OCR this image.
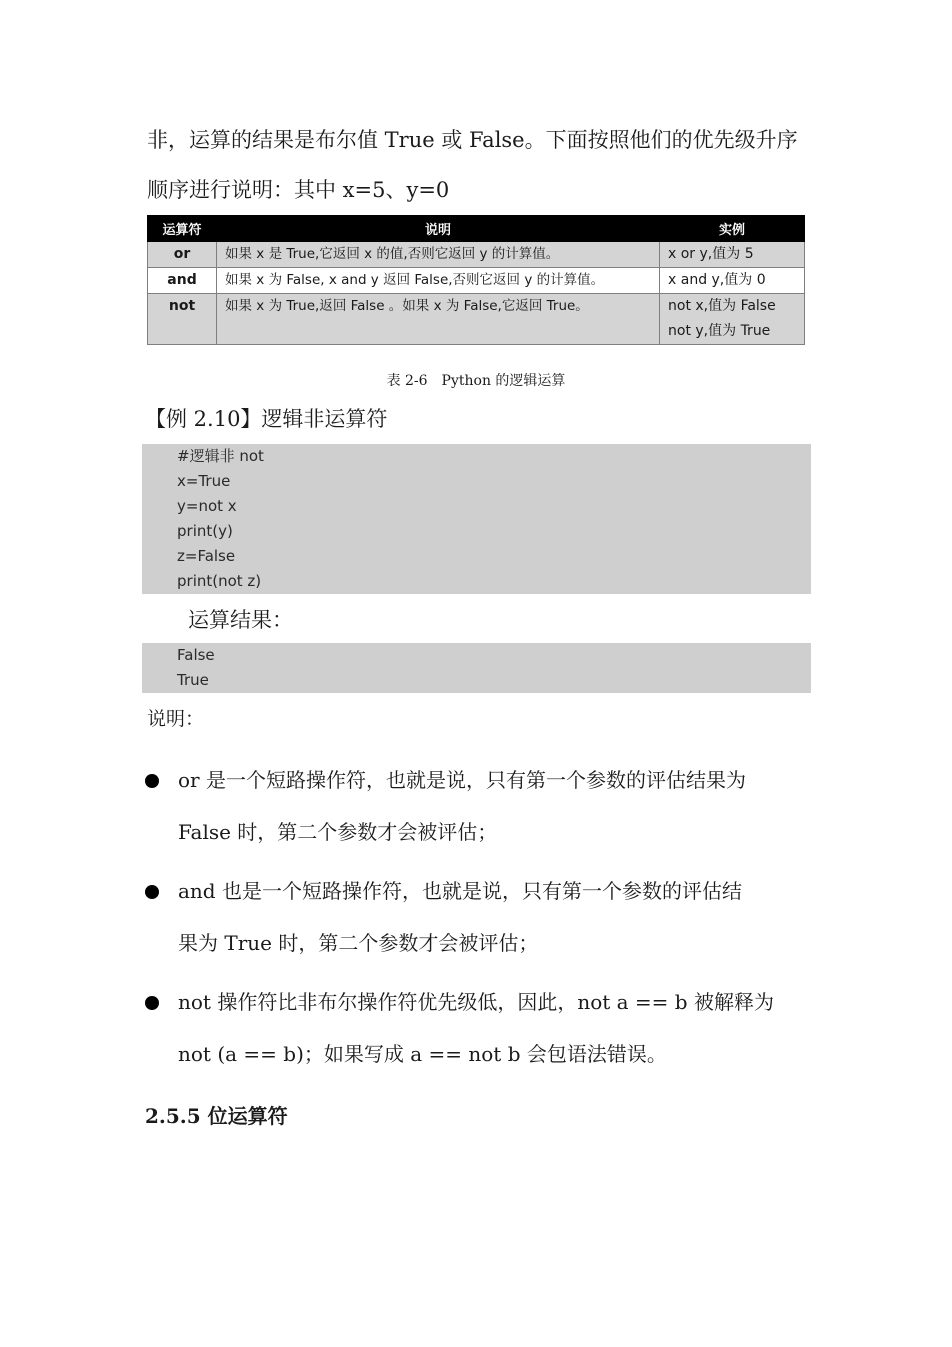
非，运算的结果是布尔值 True 或 False。下面按照他们的优先级升序

顺序进行说明：其中 x=5、y=0

运算符	说明	实例
or	如果 x 是 True,它返回 x 的值,否则它返回 y 的计算值。	x or y,值为 5
and	如果 x 为 False, x and y 返回 False,否则它返回 y 的计算值。	x and y,值为 0
not	如果 x 为 True,返回 False 。如果 x 为 False,它返回 True。	not x,值为 False
not y,值为 True
表 2-6　Python 的逻辑运算
【例 2.10】逻辑非运算符
#逻辑非 not
x=True
y=not x
print(y)
z=False
print(not z)
运算结果：
False
True
说明：
or 是一个短路操作符，也就是说，只有第一个参数的评估结果为
False 时，第二个参数才会被评估；
and 也是一个短路操作符，也就是说，只有第一个参数的评估结
果为 True 时，第二个参数才会被评估；
not 操作符比非布尔操作符优先级低，因此，not a == b 被解释为
not (a == b)；如果写成 a == not b 会包语法错误。
2.5.5 位运算符
